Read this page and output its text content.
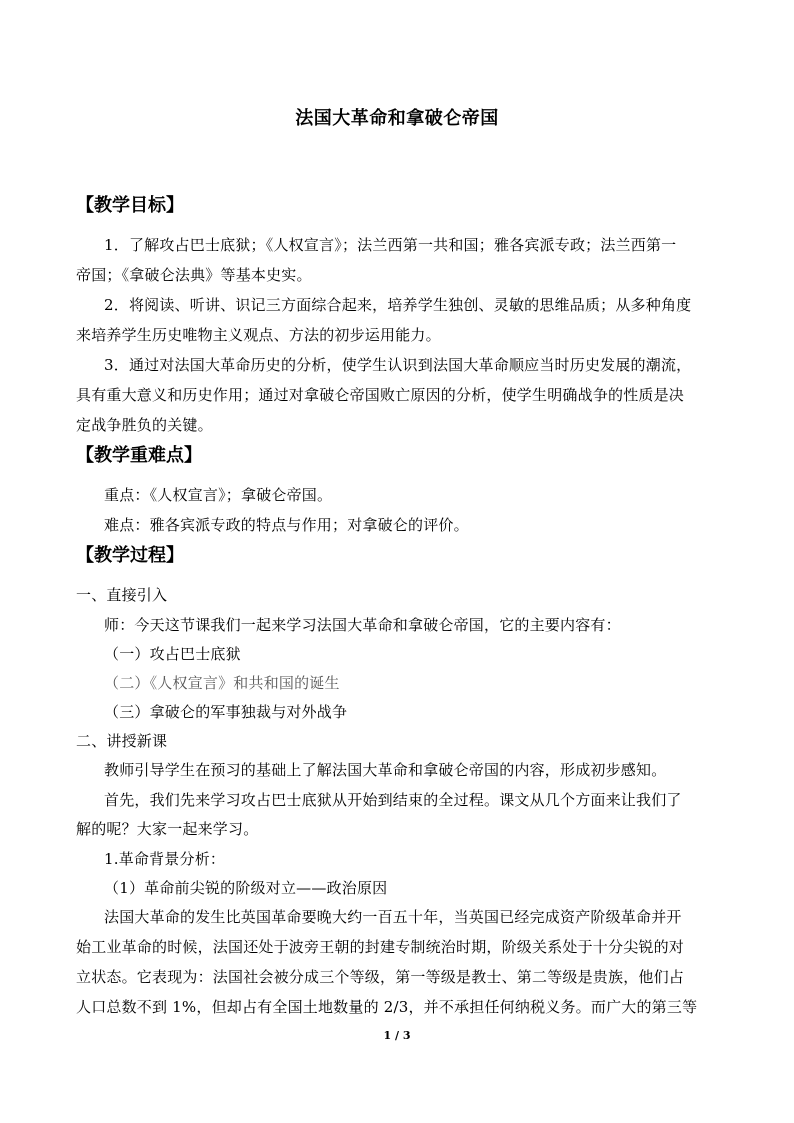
法国大革命和拿破仑帝国
【教学目标】
1．了解攻占巴士底狱；《人权宣言》；法兰西第一共和国；雅各宾派专政；法兰西第一
帝国；《拿破仑法典》等基本史实。
2．将阅读、听讲、识记三方面综合起来，培养学生独创、灵敏的思维品质；从多种角度
来培养学生历史唯物主义观点、方法的初步运用能力。
3．通过对法国大革命历史的分析，使学生认识到法国大革命顺应当时历史发展的潮流，
具有重大意义和历史作用；通过对拿破仑帝国败亡原因的分析，使学生明确战争的性质是决
定战争胜负的关键。
【教学重难点】
重点：《人权宣言》；拿破仑帝国。
难点：雅各宾派专政的特点与作用；对拿破仑的评价。
【教学过程】
一、直接引入
师：今天这节课我们一起来学习法国大革命和拿破仑帝国，它的主要内容有：
（一）攻占巴士底狱
（二）《人权宣言》和共和国的诞生
（三）拿破仑的军事独裁与对外战争
二、讲授新课
教师引导学生在预习的基础上了解法国大革命和拿破仑帝国的内容，形成初步感知。
首先，我们先来学习攻占巴士底狱从开始到结束的全过程。课文从几个方面来让我们了
解的呢？大家一起来学习。
1.革命背景分析：
（1）革命前尖锐的阶级对立——政治原因
法国大革命的发生比英国革命要晚大约一百五十年，当英国已经完成资产阶级革命并开
始工业革命的时候，法国还处于波旁王朝的封建专制统治时期，阶级关系处于十分尖锐的对
立状态。它表现为：法国社会被分成三个等级，第一等级是教士、第二等级是贵族，他们占
人口总数不到 1%，但却占有全国土地数量的 2/3，并不承担任何纳税义务。而广大的第三等
1 / 3
